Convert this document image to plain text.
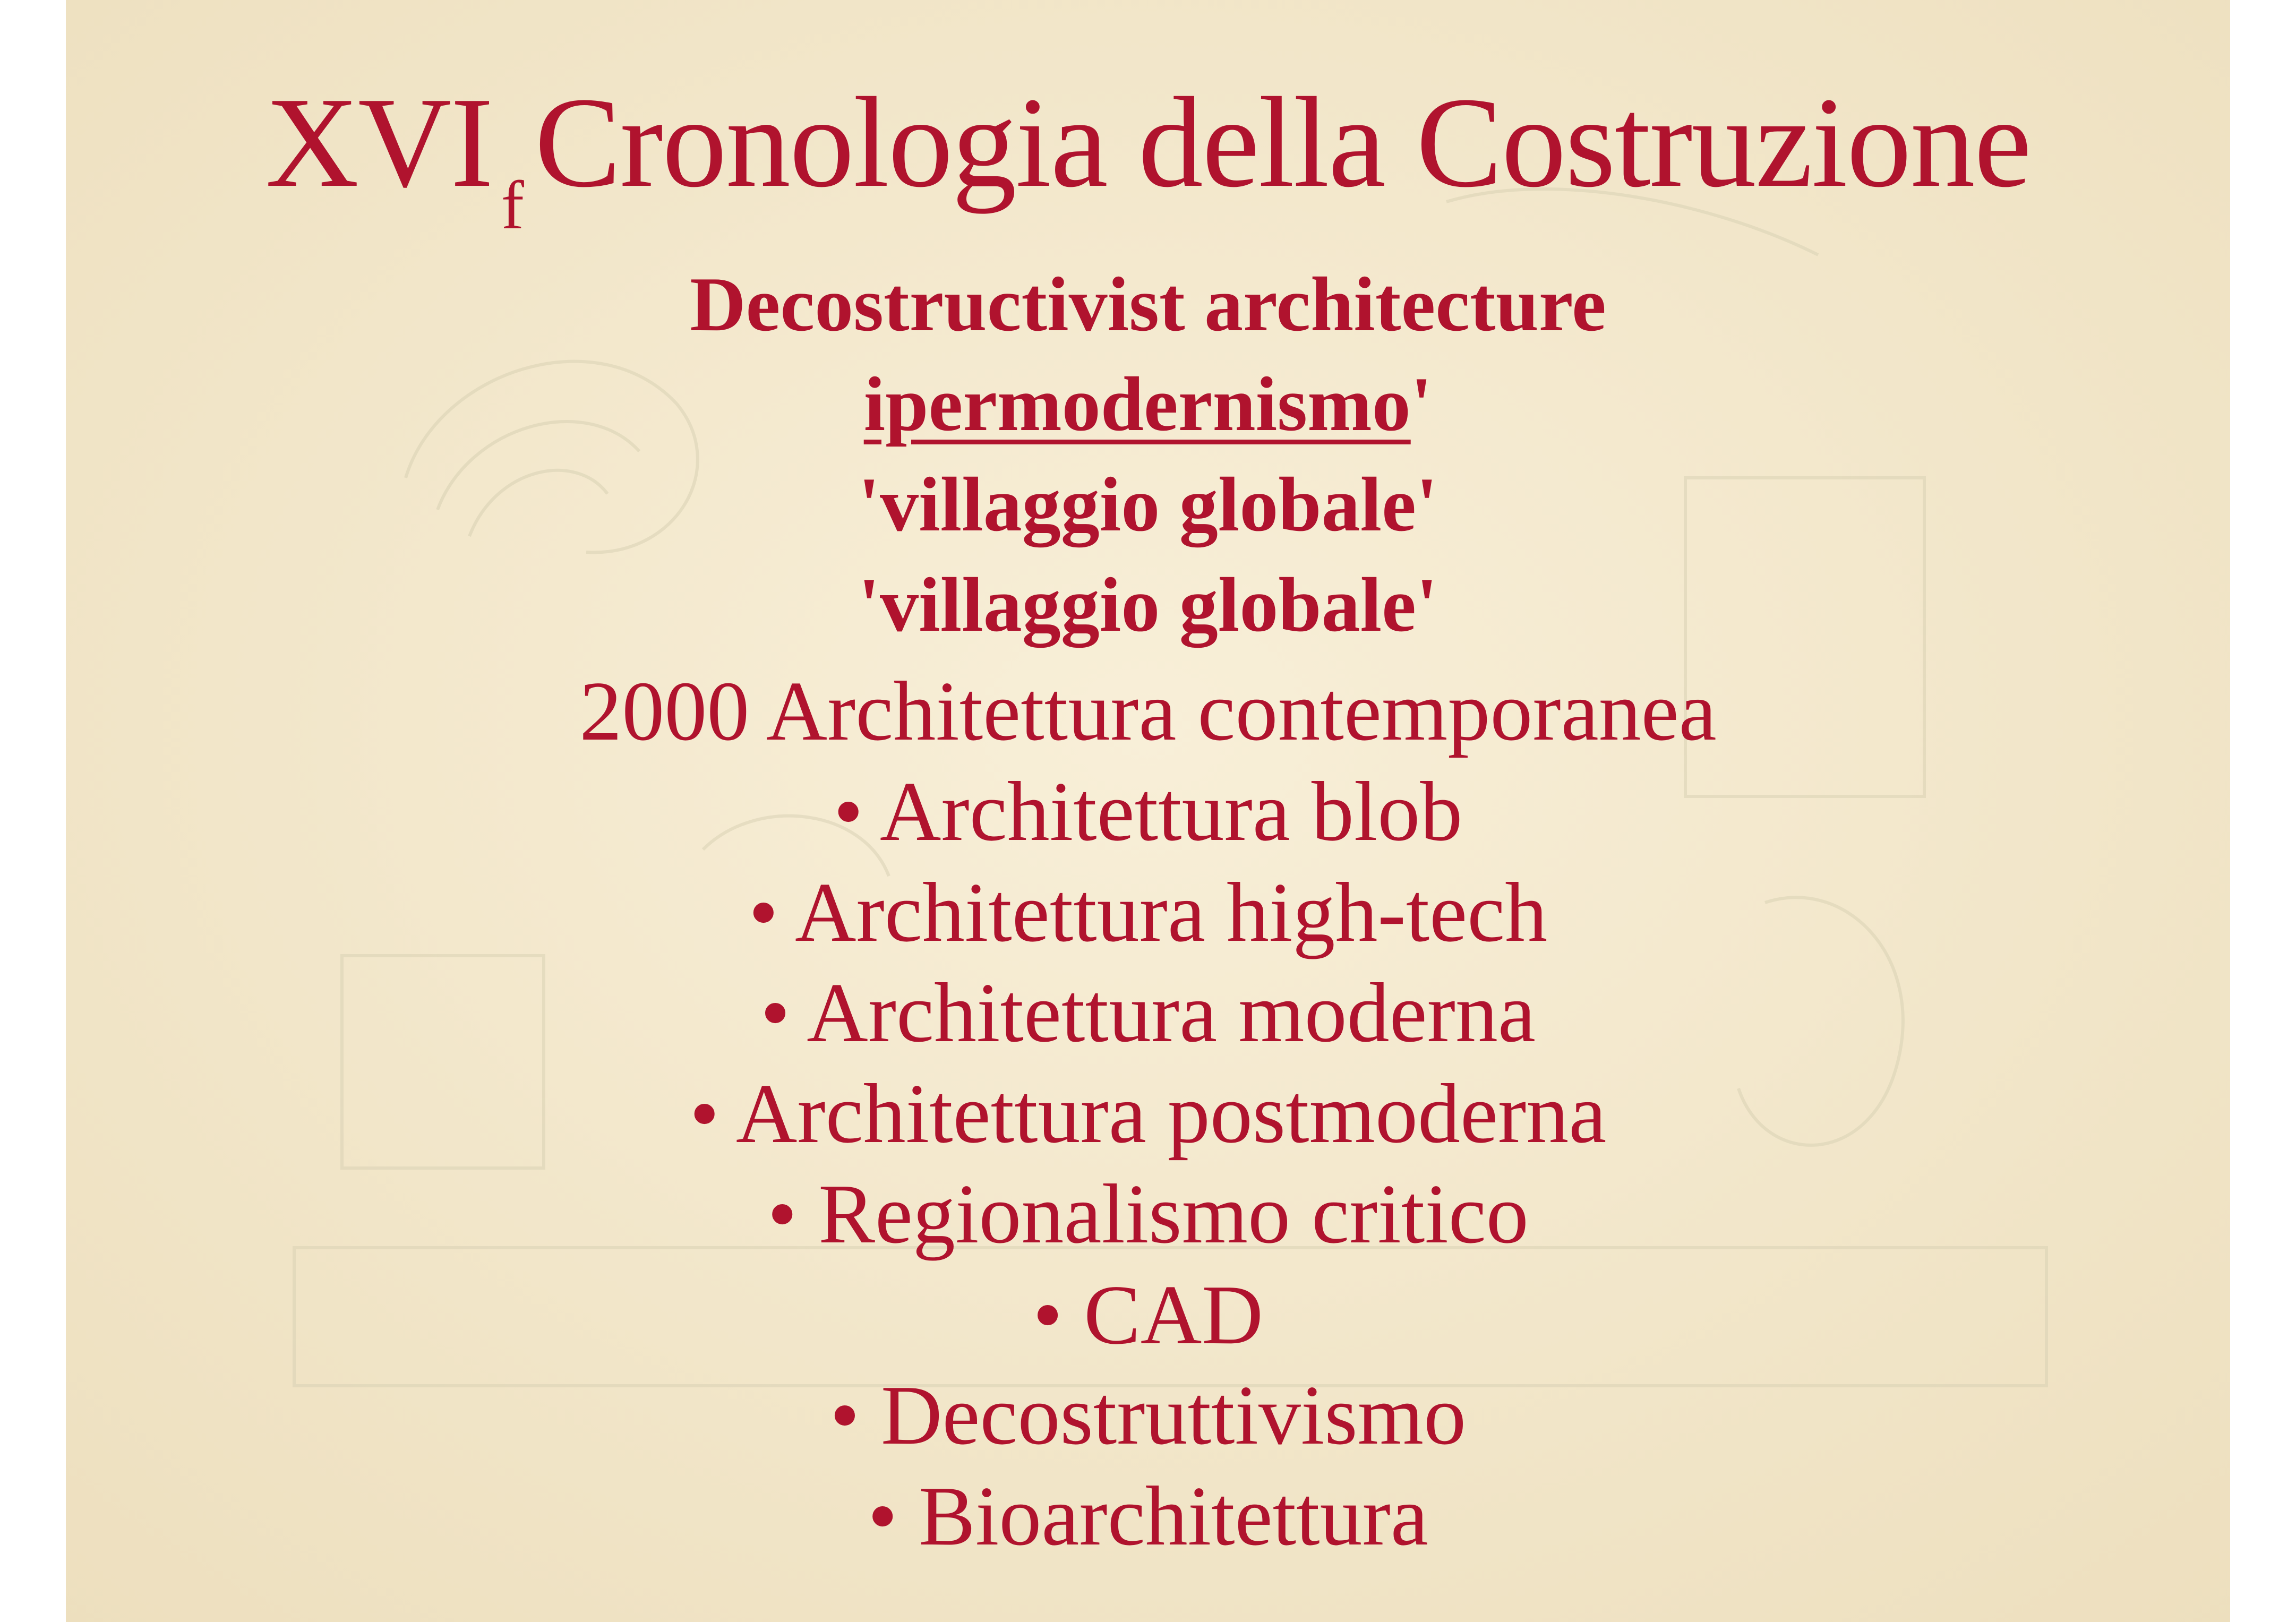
XVI $_f$Cronologia della Costruzione
Decostructivist architecture
ipermodernismo'
'villaggio globale'
'villaggio globale'
2000 Architettura contemporanea
• Architettura blob
• Architettura high-tech
• Architettura moderna
• Architettura postmoderna
• Regionalismo critico
• CAD
• Decostruttivismo
• Bioarchitettura
